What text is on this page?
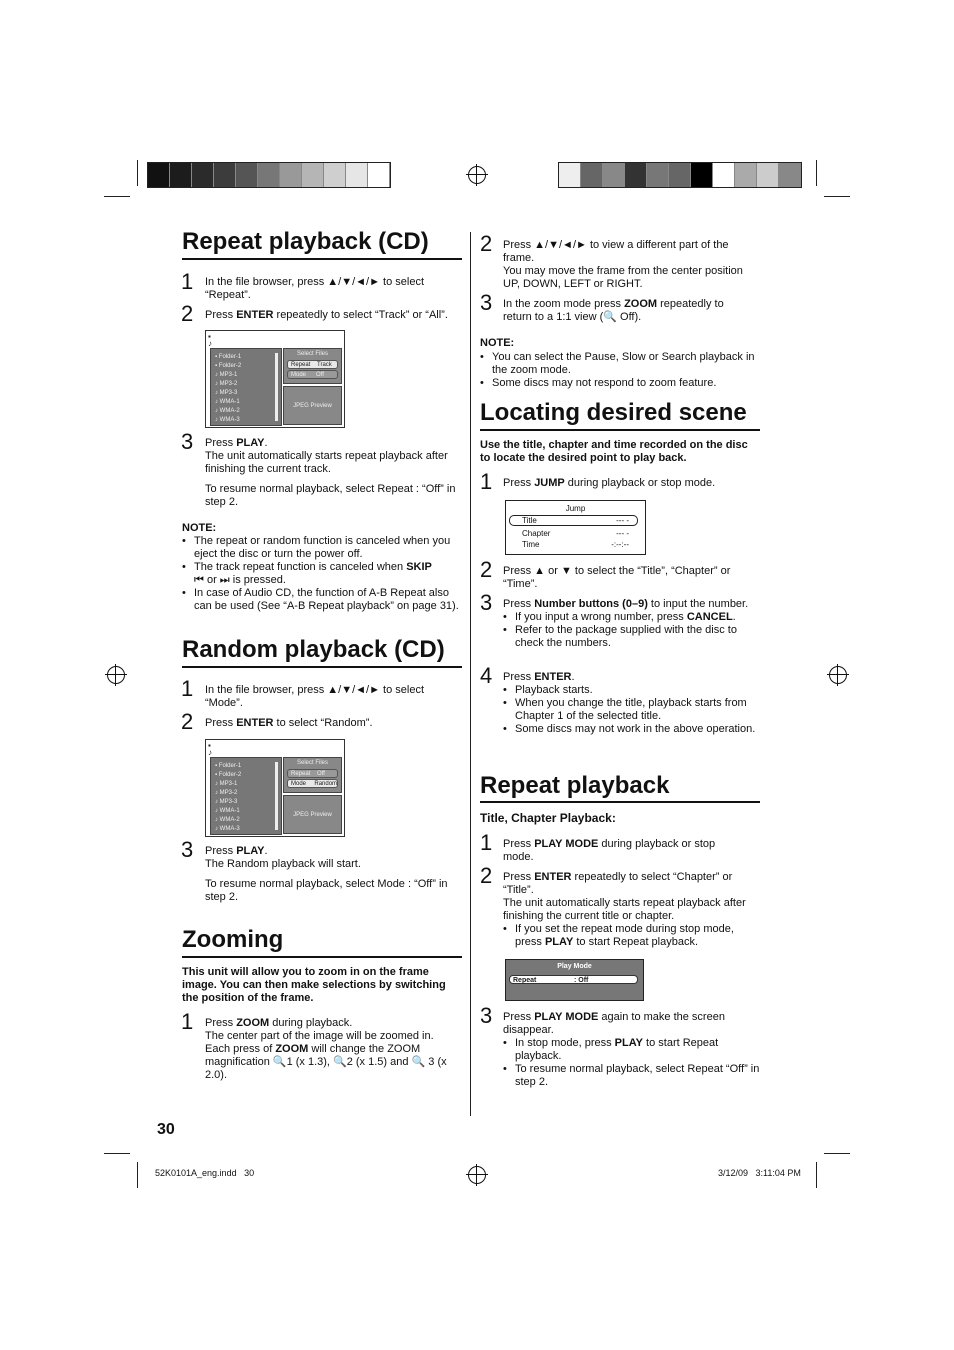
Repeat playback (CD)
1 In the file browser, press ▲/▼/◄/► to select “Repeat”.
2 Press ENTER repeatedly to select “Track” or “All”.
▪
♪
▪ Folder-1
▪ Folder-2
♪ MP3-1
♪ MP3-2
♪ MP3-3
♪ WMA-1
♪ WMA-2
♪ WMA-3
Select Files
Repeat Track
Mode Off
JPEG Preview
3 Press PLAY.
The unit automatically starts repeat playback after finishing the current track.
To resume normal playback, select Repeat : “Off” in step 2.
NOTE:
• The repeat or random function is canceled when you eject the disc or turn the power off.
• The track repeat function is canceled when SKIP
⏮ or ⏭ is pressed.
• In case of Audio CD, the function of A-B Repeat also can be used (See “A-B Repeat playback” on page 31).
Random playback (CD)
1 In the file browser, press ▲/▼/◄/► to select “Mode”.
2 Press ENTER to select “Random”.
▪
♪
▪ Folder-1
▪ Folder-2
♪ MP3-1
♪ MP3-2
♪ MP3-3
♪ WMA-1
♪ WMA-2
♪ WMA-3
Select Files
Repeat Off
Mode Random
JPEG Preview
3 Press PLAY.
The Random playback will start.
To resume normal playback, select Mode : “Off” in step 2.
Zooming
This unit will allow you to zoom in on the frame image. You can then make selections by switching the position of the frame.
1 Press ZOOM during playback.
The center part of the image will be zoomed in.
Each press of ZOOM will change the ZOOM
magnification 🔍1 (x 1.3), 🔍2 (x 1.5) and 🔍 3 (x 2.0).
30
2 Press ▲/▼/◄/► to view a different part of the frame.
You may move the frame from the center position UP, DOWN, LEFT or RIGHT.
3 In the zoom mode press ZOOM repeatedly to return to a 1:1 view (🔍 Off).
NOTE:
• You can select the Pause, Slow or Search playback in the zoom mode.
• Some discs may not respond to zoom feature.
Locating desired scene
Use the title, chapter and time recorded on the disc to locate the desired point to play back.
1 Press JUMP during playback or stop mode.
Jump
Title	--- -
Chapter	--- -
Time	-:--:--
2 Press ▲ or ▼ to select the “Title”, “Chapter” or “Time”.
3 Press Number buttons (0–9) to input the number.
• If you input a wrong number, press CANCEL.
• Refer to the package supplied with the disc to check the numbers.
4 Press ENTER.
• Playback starts.
• When you change the title, playback starts from Chapter 1 of the selected title.
• Some discs may not work in the above operation.
Repeat playback
Title, Chapter Playback:
1 Press PLAY MODE during playback or stop mode.
2 Press ENTER repeatedly to select “Chapter” or “Title”.
The unit automatically starts repeat playback after finishing the current title or chapter.
• If you set the repeat mode during stop mode, press PLAY to start Repeat playback.
Play Mode
Repeat	: Off
3 Press PLAY MODE again to make the screen disappear.
• In stop mode, press PLAY to start Repeat playback.
• To resume normal playback, select Repeat “Off” in step 2.
52K0101A_eng.indd   30	3/12/09   3:11:04 PM
